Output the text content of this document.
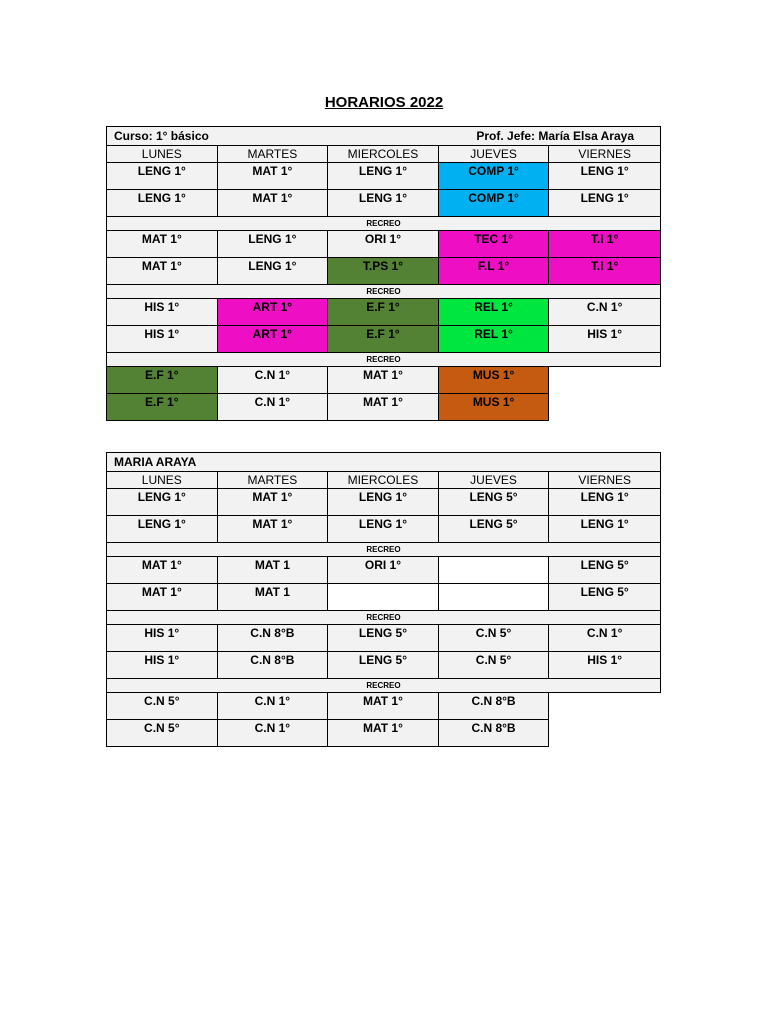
HORARIOS 2022
Curso: 1° básico			Prof. Jefe: María Elsa Araya	
LUNES	MARTES	MIERCOLES	JUEVES	VIERNES
LENG 1°	MAT 1°	LENG 1°	COMP 1°	LENG 1°
LENG 1°	MAT 1°	LENG 1°	COMP 1°	LENG 1°
RECREO				
MAT 1°	LENG 1°	ORI 1°	TEC 1°	T.I 1°
MAT 1°	LENG 1°	T.PS 1°	F.L 1°	T.I 1°
RECREO				
HIS 1°	ART 1°	E.F 1°	REL 1°	C.N 1°
HIS 1°	ART 1°	E.F 1°	REL 1°	HIS 1°
RECREO				
E.F 1°	C.N 1°	MAT 1°	MUS 1°	
E.F 1°	C.N 1°	MAT 1°	MUS 1°	
MARIA ARAYA				
LUNES	MARTES	MIERCOLES	JUEVES	VIERNES
LENG 1°	MAT 1°	LENG 1°	LENG 5°	LENG 1°
LENG 1°	MAT 1°	LENG 1°	LENG 5°	LENG 1°
RECREO				
MAT 1°	MAT 1	ORI 1°		LENG 5°
MAT 1°	MAT 1			LENG 5°
RECREO				
HIS 1°	C.N 8°B	LENG 5°	C.N 5°	C.N 1°
HIS 1°	C.N 8°B	LENG 5°	C.N 5°	HIS 1°
RECREO				
C.N 5°	C.N 1°	MAT 1°	C.N 8°B	
C.N 5°	C.N 1°	MAT 1°	C.N 8°B	
